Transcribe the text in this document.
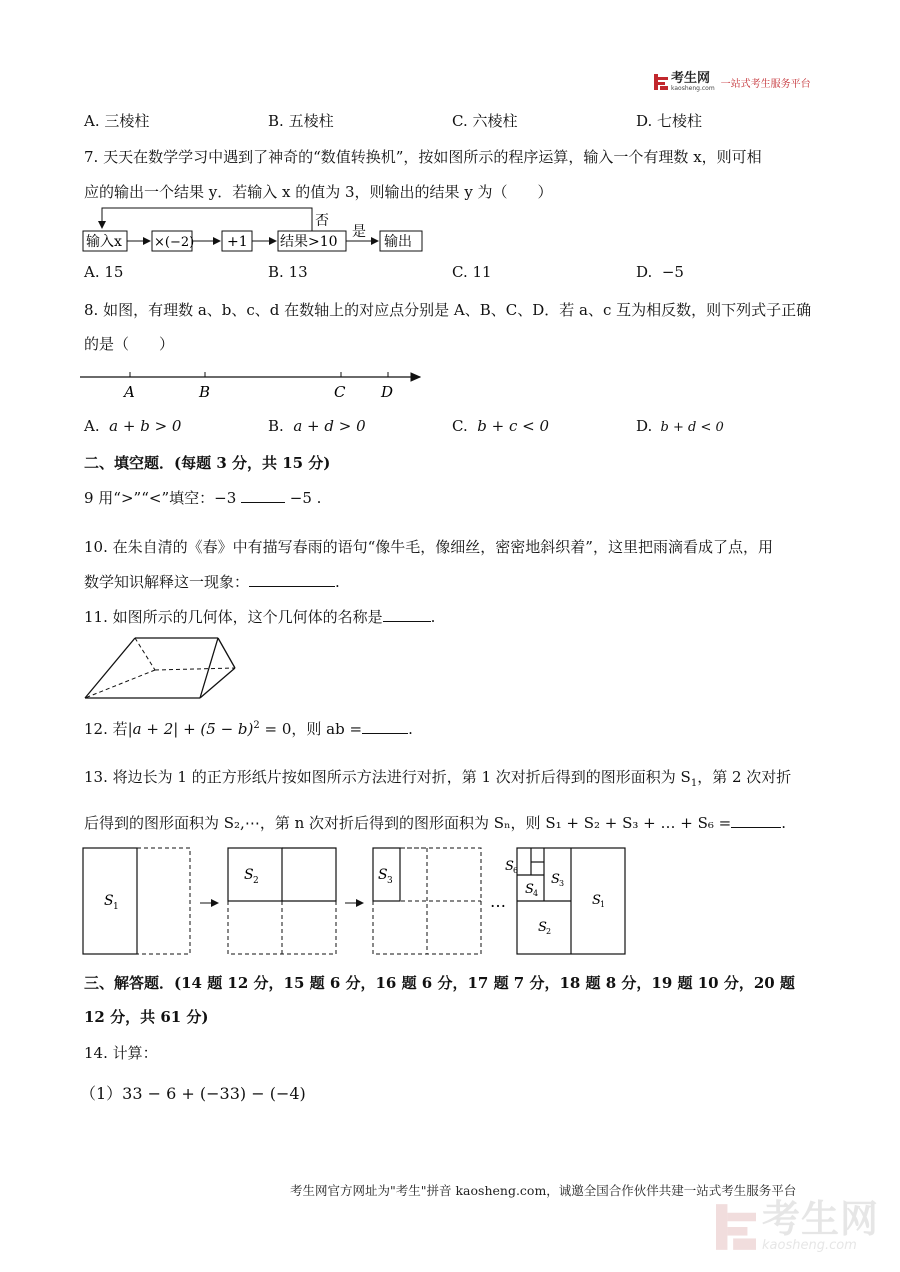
考生网
kaosheng.com 一站式考生服务平台
A. 三棱柱	B. 五棱柱	C. 六棱柱	D. 七棱柱
7. 天天在数学学习中遇到了神奇的“数值转换机”，按如图所示的程序运算，输入一个有理数 x，则可相
应的输出一个结果 y．若输入 x 的值为 3，则输出的结果 y 为（　　）
输入x ×(−2) +1 结果>10
是
输出
否
A. 15	B. 13	C. 11	D. −5
8. 如图，有理数 a、b、c、d 在数轴上的对应点分别是 A、B、C、D．若 a、c 互为相反数，则下列式子正确
的是（　　）
A	B	C D
A. a + b > 0	B. a + d > 0	C. b + c < 0	D. b + d < 0
二、填空题．(每题 3 分，共 15 分)
9 用“>”“<”填空：−3	−5 .
10. 在朱自清的《春》中有描写春雨的语句“像牛毛，像细丝，密密地斜织着”，这里把雨滴看成了点，用
数学知识解释这一现象：	.
11. 如图所示的几何体，这个几何体的名称是	.
12. 若$|a + 2| + (5 - b)^2 = 0$，则 ab =	.
13. 将边长为 1 的正方形纸片按如图所示方法进行对折，第 1 次对折后得到的图形面积为 $S_1$，第 2 次对折
后得到的图形面积为 S₂,⋯，第 n 次对折后得到的图形面积为 Sₙ，则 S₁ + S₂ + S₃ + … + S₆ =	.
S 1
S 2	S 3
…
S 6
S 4
S 3
S 2
S 1
三、解答题．(14 题 12 分，15 题 6 分，16 题 6 分，17 题 7 分，18 题 8 分，19 题 10 分，20 题
12 分，共 61 分)
14. 计算：
（1）33 − 6 + (−33) − (−4)
考生网官方网址为"考生"拼音 kaosheng.com，诚邀全国合作伙伴共建一站式考生服务平台
考生网
kaosheng.com
